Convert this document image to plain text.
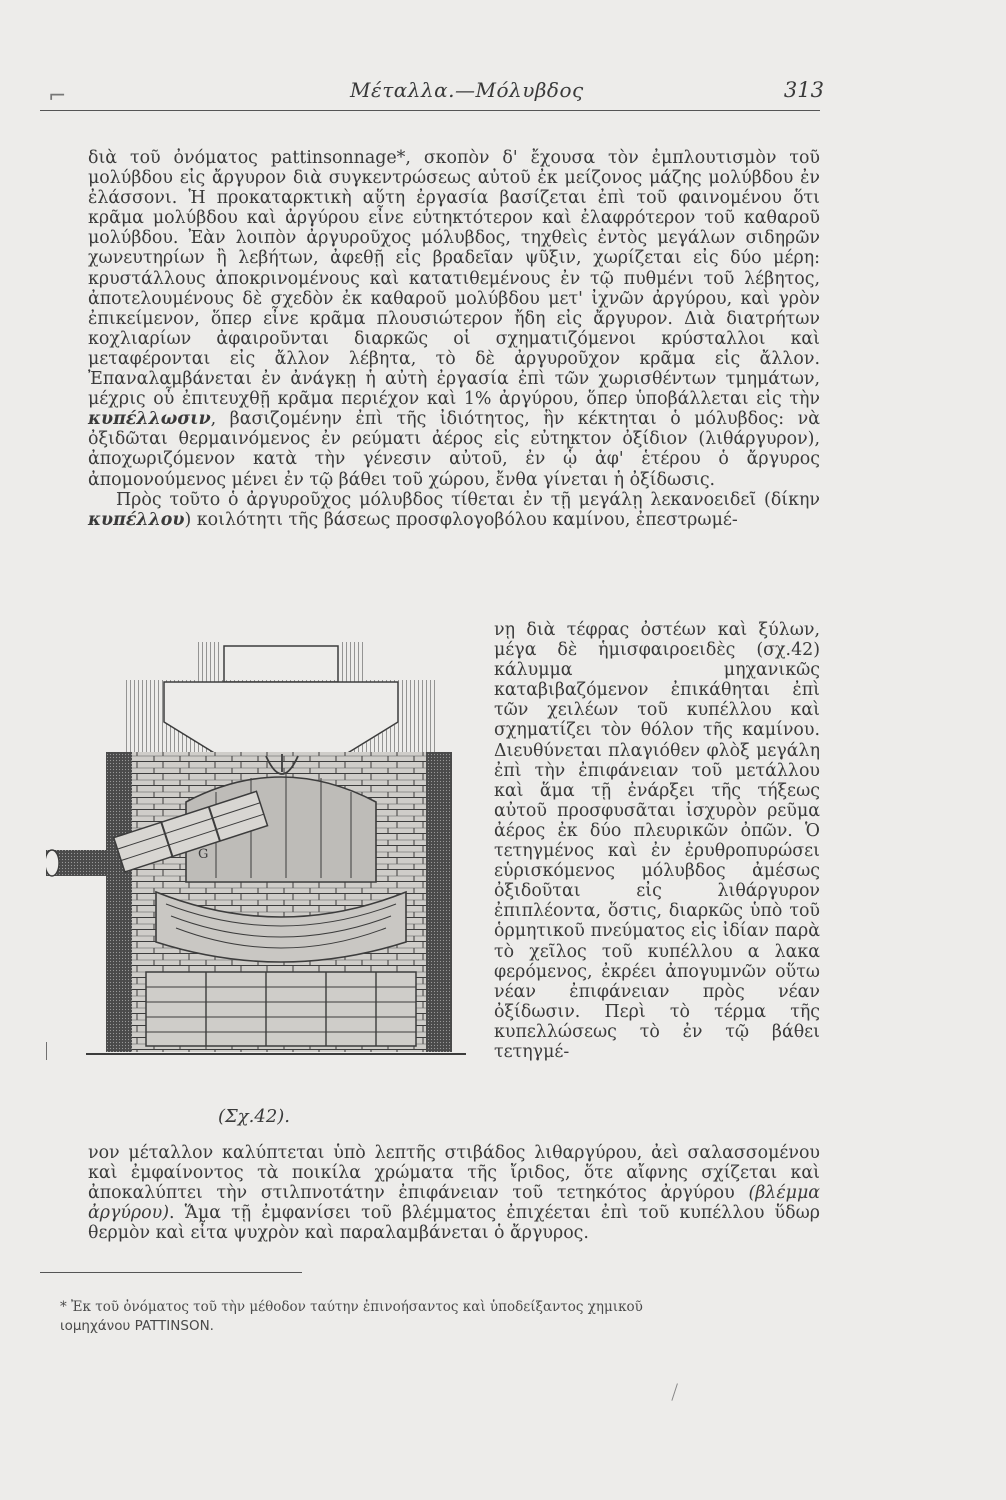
⌐	Μέταλλα.—Μόλυβδος	313

διὰ τοῦ ὀνόματος pattinsonnage*, σκοπὸν δ' ἔχουσα τὸν ἐμπλουτισμὸν τοῦ μολύβδου εἰς ἄργυρον διὰ συγκεντρώσεως αὐτοῦ ἐκ μείζονος μάζης μολύβδου ἐν ἐλάσσονι. Ἡ προκαταρκτικὴ αὕτη ἐργασία βασίζεται ἐπὶ τοῦ φαινομένου ὅτι κρᾶμα μολύβδου καὶ ἀργύρου εἶνε εὐτηκτότερον καὶ ἐλαφρότερον τοῦ καθαροῦ μολύβδου. Ἐὰν λοιπὸν ἀργυροῦχος μόλυβδος, τηχθεὶς ἐντὸς μεγάλων σιδηρῶν χωνευτηρίων ἢ λεβήτων, ἀφεθῇ εἰς βραδεῖαν ψῦξιν, χωρίζεται εἰς δύο μέρη: κρυστάλλους ἀποκρινομένους καὶ κατατιθεμένους ἐν τῷ πυθμένι τοῦ λέβητος, ἀποτελουμένους δὲ σχεδὸν ἐκ καθαροῦ μολύβδου μετ' ἰχνῶν ἀργύρου, καὶ γρὸν ἐπικείμενον, ὅπερ εἶνε κρᾶμα πλουσιώτερον ἤδη εἰς ἄργυρον. Διὰ διατρήτων κοχλιαρίων ἀφαιροῦνται διαρκῶς οἱ σχηματιζόμενοι κρύσταλλοι καὶ μεταφέρονται εἰς ἄλλον λέβητα, τὸ δὲ ἀργυροῦχον κρᾶμα εἰς ἄλλον. Ἐπαναλαμβάνεται ἐν ἀνάγκῃ ἡ αὐτὴ ἐργασία ἐπὶ τῶν χωρισθέντων τμημάτων, μέχρις οὗ ἐπιτευχθῇ κρᾶμα περιέχον καὶ 1% ἀργύρου, ὅπερ ὑποβάλλεται εἰς τὴν κυπέλλωσιν, βασιζομένην ἐπὶ τῆς ἰδιότητος, ἣν κέκτηται ὁ μόλυβδος: νὰ ὀξιδῶται θερμαινόμενος ἐν ρεύματι ἀέρος εἰς εὐτηκτον ὀξίδιον (λιθάργυρον), ἀποχωριζόμενον κατὰ τὴν γένεσιν αὐτοῦ, ἐν ᾧ ἀφ' ἑτέρου ὁ ἄργυρος ἀπομονούμενος μένει ἐν τῷ βάθει τοῦ χώρου, ἔνθα γίνεται ἡ ὀξίδωσις.

Πρὸς τοῦτο ὁ ἀργυροῦχος μόλυβδος τίθεται ἐν τῇ μεγάλῃ λεκανοειδεῖ (δίκην κυπέλλου) κοιλότητι τῆς βάσεως προσφλογοβόλου καμίνου, ἐπεστρωμέ-

G
(Σχ.42).

νῃ διὰ τέφρας ὀστέων καὶ ξύλων, μέγα δὲ ἡμισφαιροειδὲς (σχ.42) κάλυμμα μηχανικῶς καταβιβαζόμενον ἐπικάθηται ἐπὶ τῶν χειλέων τοῦ κυπέλλου καὶ σχηματίζει τὸν θόλον τῆς καμίνου. Διευθύνεται πλαγιόθεν φλὸξ μεγάλη ἐπὶ τὴν ἐπιφάνειαν τοῦ μετάλλου καὶ ἅμα τῇ ἐνάρξει τῆς τήξεως αὐτοῦ προσφυσᾶται ἰσχυρὸν ρεῦμα ἀέρος ἐκ δύο πλευρικῶν ὀπῶν. Ὁ τετηγμένος καὶ ἐν ἐρυθροπυρώσει εὑρισκόμενος μόλυβδος ἀμέσως ὀξιδοῦται εἰς λιθάργυρον ἐπιπλέοντα, ὅστις, διαρκῶς ὑπὸ τοῦ ὁρμητικοῦ πνεύματος εἰς ἰδίαν παρὰ τὸ χεῖλος τοῦ κυπέλλου α λακα φερόμενος, ἐκρέει ἀπογυμνῶν οὕτω νέαν ἐπιφάνειαν πρὸς νέαν ὀξίδωσιν. Περὶ τὸ τέρμα τῆς κυπελλώσεως τὸ ἐν τῷ βάθει τετηγμέ-

νον μέταλλον καλύπτεται ὑπὸ λεπτῆς στιβάδος λιθαργύρου, ἀεὶ σαλασσομένου καὶ ἐμφαίνοντος τὰ ποικίλα χρώματα τῆς ἴριδος, ὅτε αἴφνης σχίζεται καὶ ἀποκαλύπτει τὴν στιλπνοτάτην ἐπιφάνειαν τοῦ τετηκότος ἀργύρου (βλέμμα ἀργύρου). Ἅμα τῇ ἐμφανίσει τοῦ βλέμματος ἐπιχέεται ἐπὶ τοῦ κυπέλλου ὕδωρ θερμὸν καὶ εἶτα ψυχρὸν καὶ παραλαμβάνεται ὁ ἄργυρος.

* Ἐκ τοῦ ὀνόματος τοῦ τὴν μέθοδον ταύτην ἐπινοήσαντος καὶ ὑποδείξαντος χημικοῦ

ιομηχάνου PATTINSON.
